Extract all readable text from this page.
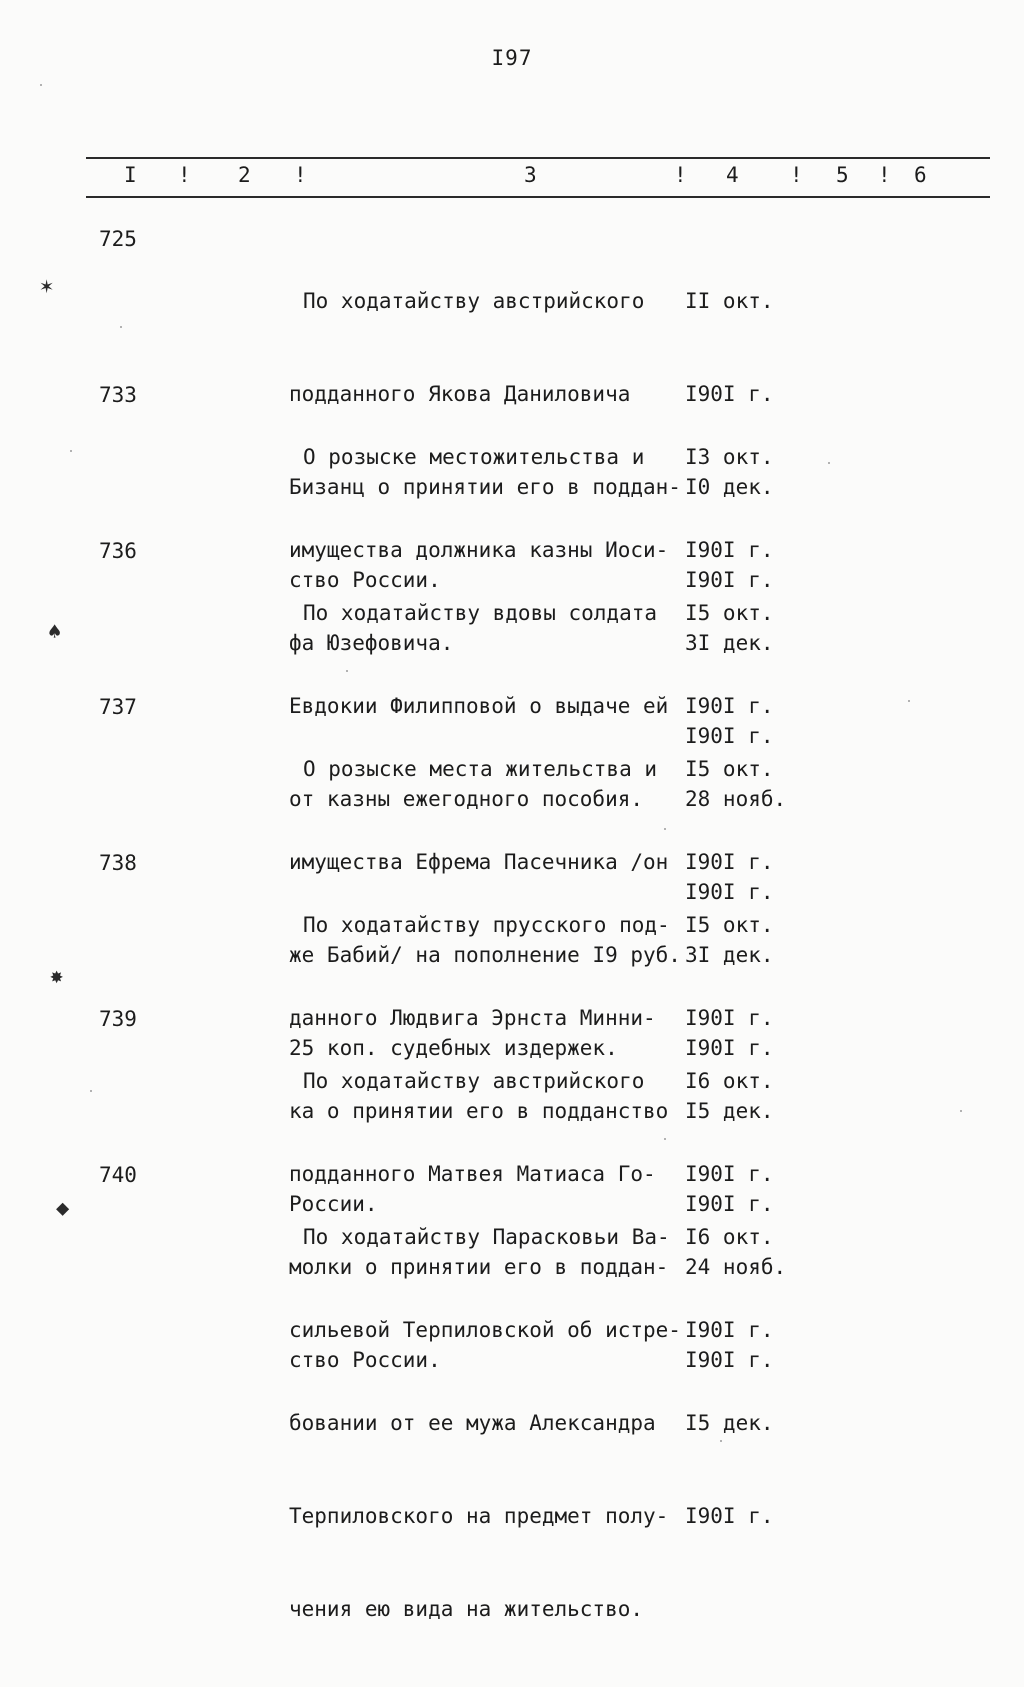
I97
I ! 2 !	3	! 4 ! 5 ! 6
725

По ходатайству австрийского

подданного Якова Даниловича

Бизанц о принятии его в поддан-

ство России.

II окт.

I90I г.

I0 дек.

I90I г.

733

О розыске местожительства и

имущества должника казны Иоси-

фа Юзефовича.

I3 окт.

I90I г.

3I дек.

I90I г.

736

По ходатайству вдовы солдата

Евдокии Филипповой о выдаче ей

от казны ежегодного пособия.

I5 окт.

I90I г.

28 нояб.

I90I г.

737

О розыске места жительства и

имущества Ефрема Пасечника /он

же Бабий/ на пополнение I9 руб.

25 коп. судебных издержек.

I5 окт.

I90I г.

3I дек.

I90I г.

738

По ходатайству прусского под-

данного Людвига Эрнста Минни-

ка о принятии его в подданство

России.

I5 окт.

I90I г.

I5 дек.

I90I г.

739

По ходатайству австрийского

подданного Матвея Матиаса Го-

молки о принятии его в поддан-

ство России.

I6 окт.

I90I г.

24 нояб.

I90I г.

740

По ходатайству Парасковьи Ва-

сильевой Терпиловской об истре-

бовании от ее мужа Александра

Терпиловского на предмет полу-

чения ею вида на жительство.

I6 окт.

I90I г.

I5 дек.

I90I г.

✶
♠
✸
◆
